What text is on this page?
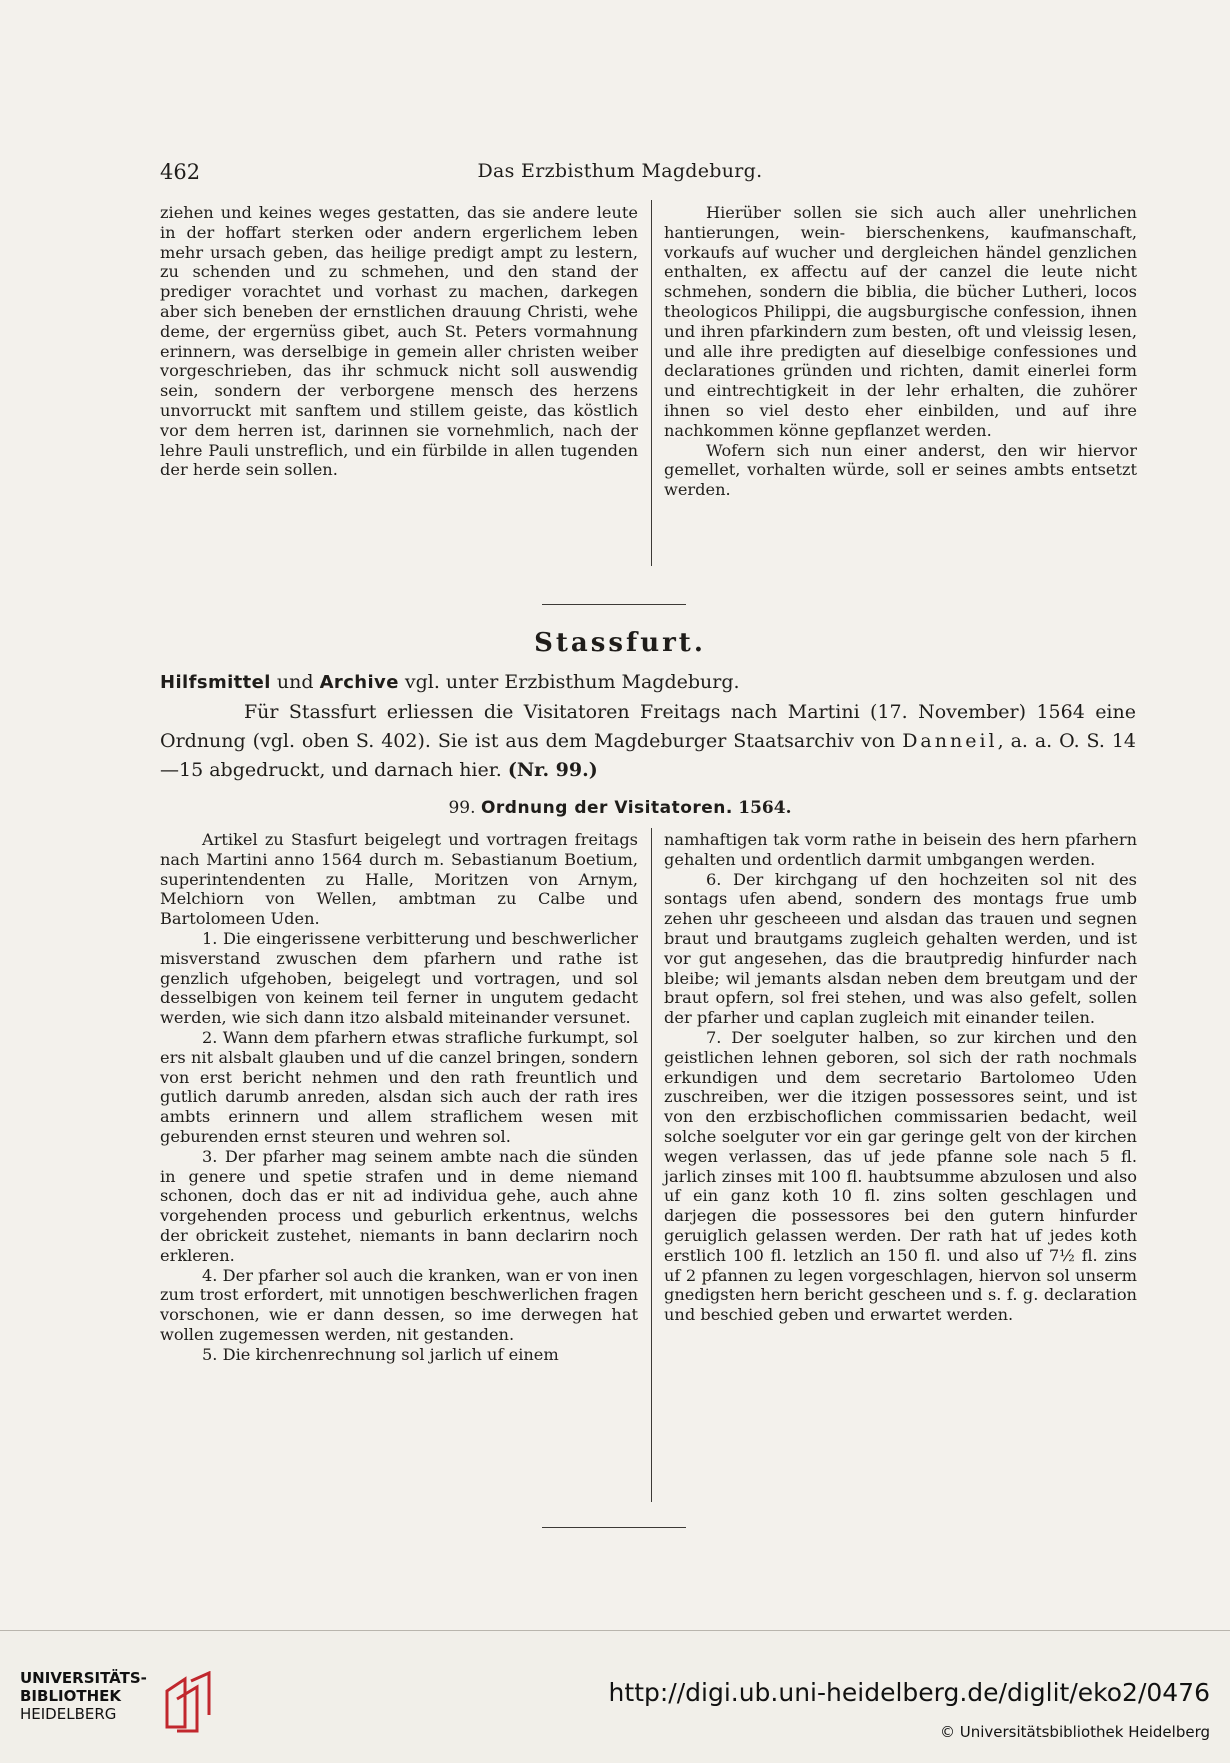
462	Das Erzbisthum Magdeburg.

ziehen und keines weges gestatten, das sie andere leute in der hoffart sterken oder andern ergerlichem leben mehr ursach geben, das heilige predigt ampt zu lestern, zu schenden und zu schmehen, und den stand der prediger vorachtet und vorhast zu machen, darkegen aber sich beneben der ernstlichen drauung Christi, wehe deme, der ergernüss gibet, auch St. Peters vormahnung erinnern, was derselbige in gemein aller christen weiber vorgeschrieben, das ihr schmuck nicht soll auswendig sein, sondern der verborgene mensch des herzens unvorruckt mit sanftem und stillem geiste, das köstlich vor dem herren ist, darinnen sie vornehmlich, nach der lehre Pauli unstreflich, und ein fürbilde in allen tugenden der herde sein sollen.

Hierüber sollen sie sich auch aller unehrlichen hantierungen, wein- bierschenkens, kaufmanschaft, vorkaufs auf wucher und dergleichen händel genzlichen enthalten, ex affectu auf der canzel die leute nicht schmehen, sondern die biblia, die bücher Lutheri, locos theologicos Philippi, die augsburgische confession, ihnen und ihren pfarkindern zum besten, oft und vleissig lesen, und alle ihre predigten auf dieselbige confessiones und declarationes gründen und richten, damit einerlei form und eintrechtigkeit in der lehr erhalten, die zuhörer ihnen so viel desto eher einbilden, und auf ihre nachkommen könne gepflanzet werden.

Wofern sich nun einer anderst, den wir hiervor gemellet, vorhalten würde, soll er seines ambts entsetzt werden.

Stassfurt.
Hilfsmittel und Archive vgl. unter Erzbisthum Magdeburg.
Für Stassfurt erliessen die Visitatoren Freitags nach Martini (17. November) 1564 eine Ordnung (vgl. oben S. 402). Sie ist aus dem Magdeburger Staatsarchiv von Danneil, a. a. O. S. 14—15 abgedruckt, und darnach hier. (Nr. 99.)
99. Ordnung der Visitatoren. 1564.

Artikel zu Stasfurt beigelegt und vortragen freitags nach Martini anno 1564 durch m. Sebastianum Boetium, superintendenten zu Halle, Moritzen von Arnym, Melchiorn von Wellen, ambtman zu Calbe und Bartolomeen Uden.

1. Die eingerissene verbitterung und beschwerlicher misverstand zwuschen dem pfarhern und rathe ist genzlich ufgehoben, beigelegt und vortragen, und sol desselbigen von keinem teil ferner in ungutem gedacht werden, wie sich dann itzo alsbald miteinander versunet.

2. Wann dem pfarhern etwas strafliche furkumpt, sol ers nit alsbalt glauben und uf die canzel bringen, sondern von erst bericht nehmen und den rath freuntlich und gutlich darumb anreden, alsdan sich auch der rath ires ambts erinnern und allem straflichem wesen mit geburenden ernst steuren und wehren sol.

3. Der pfarher mag seinem ambte nach die sünden in genere und spetie strafen und in deme niemand schonen, doch das er nit ad individua gehe, auch ahne vorgehenden process und geburlich erkentnus, welchs der obrickeit zustehet, niemants in bann declarirn noch erkleren.

4. Der pfarher sol auch die kranken, wan er von inen zum trost erfordert, mit unnotigen beschwerlichen fragen vorschonen, wie er dann dessen, so ime derwegen hat wollen zugemessen werden, nit gestanden.

5. Die kirchenrechnung sol jarlich uf einem

namhaftigen tak vorm rathe in beisein des hern pfarhern gehalten und ordentlich darmit umbgangen werden.

6. Der kirchgang uf den hochzeiten sol nit des sontags ufen abend, sondern des montags frue umb zehen uhr gescheeen und alsdan das trauen und segnen braut und brautgams zugleich gehalten werden, und ist vor gut angesehen, das die brautpredig hinfurder nach bleibe; wil jemants alsdan neben dem breutgam und der braut opfern, sol frei stehen, und was also gefelt, sollen der pfarher und caplan zugleich mit einander teilen.

7. Der soelguter halben, so zur kirchen und den geistlichen lehnen geboren, sol sich der rath nochmals erkundigen und dem secretario Bartolomeo Uden zuschreiben, wer die itzigen possessores seint, und ist von den erzbischoflichen commissarien bedacht, weil solche soelguter vor ein gar geringe gelt von der kirchen wegen verlassen, das uf jede pfanne sole nach 5 fl. jarlich zinses mit 100 fl. haubtsumme abzulosen und also uf ein ganz koth 10 fl. zins solten geschlagen und darjegen die possessores bei den gutern hinfurder geruiglich gelassen werden. Der rath hat uf jedes koth erstlich 100 fl. letzlich an 150 fl. und also uf 7½ fl. zins uf 2 pfannen zu legen vorgeschlagen, hiervon sol unserm gnedigsten hern bericht gescheen und s. f. g. declaration und beschied geben und erwartet werden.

UNIVERSITÄTS-
BIBLIOTHEK
HEIDELBERG
http://digi.ub.uni-heidelberg.de/diglit/eko2/0476
© Universitätsbibliothek Heidelberg
